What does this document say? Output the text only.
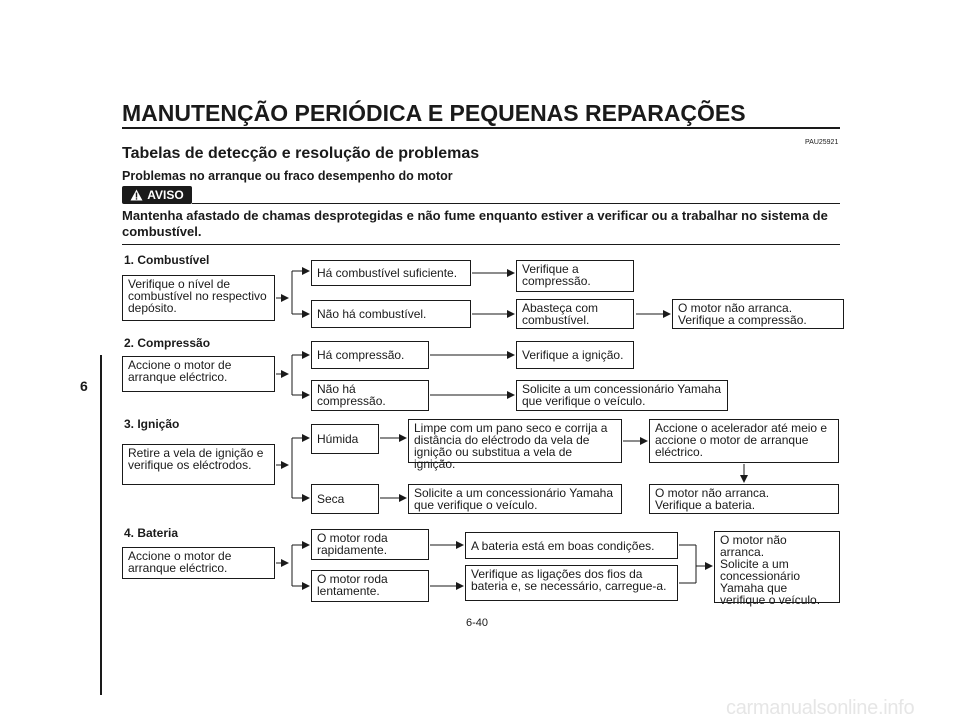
MANUTENÇÃO PERIÓDICA E PEQUENAS REPARAÇÕES
PAU25921
Tabelas de detecção e resolução de problemas
Problemas no arranque ou fraco desempenho do motor
AVISO
Mantenha afastado de chamas desprotegidas e não fume enquanto estiver a verificar ou a trabalhar no sistema de combustível.
1. Combustível
2. Compressão
3. Ignição
4. Bateria
Verifique o nível de
combustível no respectivo
depósito.
Há combustível suficiente.	Verifique a
compressão.
Não há combustível.	Abasteça com
combustível.
O motor não arranca.
Verifique a compressão.
Accione o motor de
arranque eléctrico.
Há compressão.	Verifique a ignição.
Não há
compressão.
Solicite a um concessionário Yamaha
que verifique o veículo.
Retire a vela de ignição e
verifique os eléctrodos.
Húmida
Limpe com um pano seco e corrija a
distância do eléctrodo da vela de
ignição ou substitua a vela de ignição.
Accione o acelerador até meio e
accione o motor de arranque
eléctrico.
O motor não arranca.
Verifique a bateria.
Seca	Solicite a um concessionário Yamaha
que verifique o veículo.
Accione o motor de
arranque eléctrico.
O motor roda
rapidamente.	A bateria está em boas condições.
O motor roda
lentamente.
Verifique as ligações dos fios da
bateria e, se necessário, carregue-a.
O motor não arranca.
Solicite a um
concessionário
Yamaha que
verifique o veículo.
6
6-40
carmanualsonline.info
